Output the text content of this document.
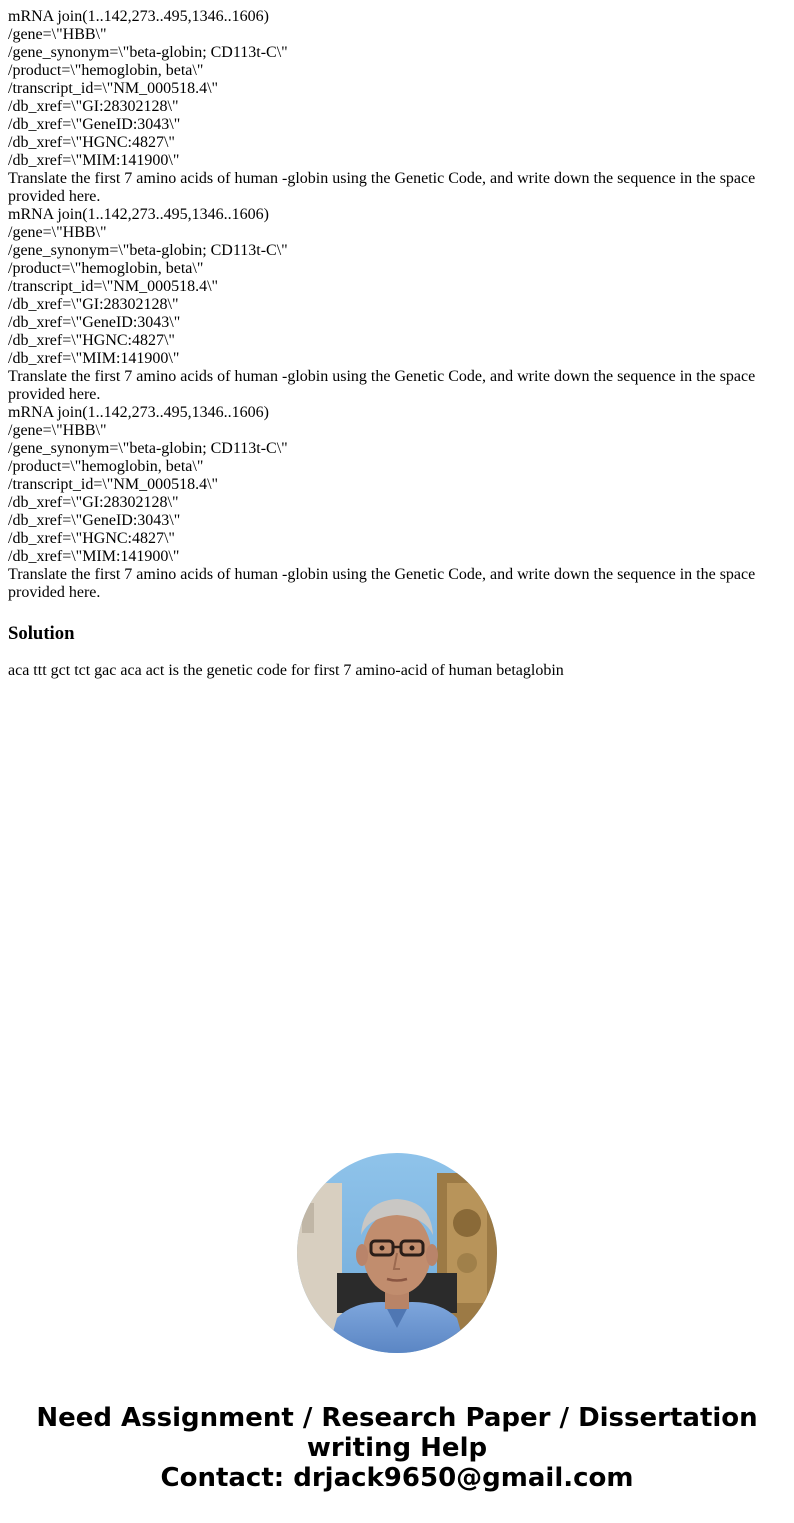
mRNA join(1..142,273..495,1346..1606)
/gene=\"HBB\"
/gene_synonym=\"beta-globin; CD113t-C\"
/product=\"hemoglobin, beta\"
/transcript_id=\"NM_000518.4\"
/db_xref=\"GI:28302128\"
/db_xref=\"GeneID:3043\"
/db_xref=\"HGNC:4827\"
/db_xref=\"MIM:141900\"
Translate the first 7 amino acids of human -globin using the Genetic Code, and write down the sequence in the space provided here.
mRNA join(1..142,273..495,1346..1606)
/gene=\"HBB\"
/gene_synonym=\"beta-globin; CD113t-C\"
/product=\"hemoglobin, beta\"
/transcript_id=\"NM_000518.4\"
/db_xref=\"GI:28302128\"
/db_xref=\"GeneID:3043\"
/db_xref=\"HGNC:4827\"
/db_xref=\"MIM:141900\"
Translate the first 7 amino acids of human -globin using the Genetic Code, and write down the sequence in the space provided here.
mRNA join(1..142,273..495,1346..1606)
/gene=\"HBB\"
/gene_synonym=\"beta-globin; CD113t-C\"
/product=\"hemoglobin, beta\"
/transcript_id=\"NM_000518.4\"
/db_xref=\"GI:28302128\"
/db_xref=\"GeneID:3043\"
/db_xref=\"HGNC:4827\"
/db_xref=\"MIM:141900\"
Translate the first 7 amino acids of human -globin using the Genetic Code, and write down the sequence in the space provided here.
Solution

aca ttt gct tct gac aca act is the genetic code for first 7 amino-acid of human betaglobin

Need Assignment / Research Paper / Dissertation
writing Help
Contact: drjack9650@gmail.com
